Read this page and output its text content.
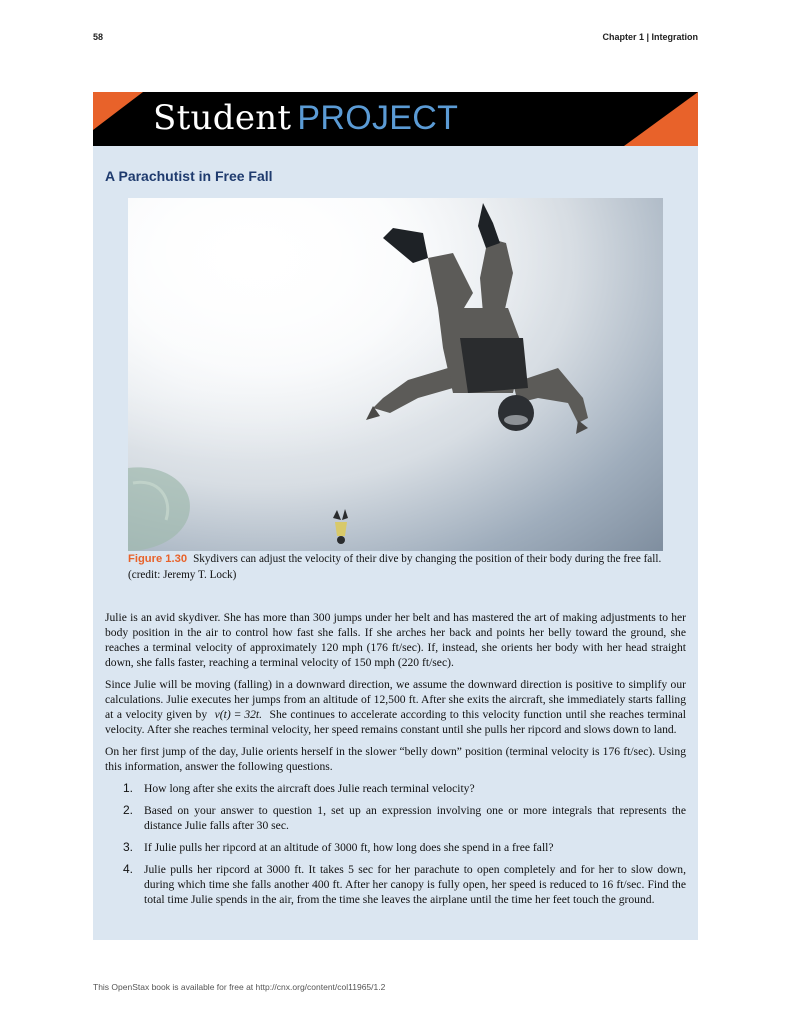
58	Chapter 1 | Integration
Student PROJECT
A Parachutist in Free Fall
Figure 1.30 Skydivers can adjust the velocity of their dive by changing the position of their body during the free fall. (credit: Jeremy T. Lock)

Julie is an avid skydiver. She has more than 300 jumps under her belt and has mastered the art of making adjustments to her body position in the air to control how fast she falls. If she arches her back and points her belly toward the ground, she reaches a terminal velocity of approximately 120 mph (176 ft/sec). If, instead, she orients her body with her head straight down, she falls faster, reaching a terminal velocity of 150 mph (220 ft/sec).

Since Julie will be moving (falling) in a downward direction, we assume the downward direction is positive to simplify our calculations. Julie executes her jumps from an altitude of 12,500 ft. After she exits the aircraft, she immediately starts falling at a velocity given by v(t) = 32t. She continues to accelerate according to this velocity function until she reaches terminal velocity. After she reaches terminal velocity, her speed remains constant until she pulls her ripcord and slows down to land.

On her first jump of the day, Julie orients herself in the slower “belly down” position (terminal velocity is 176 ft/sec). Using this information, answer the following questions.

1. How long after she exits the aircraft does Julie reach terminal velocity?
2. Based on your answer to question 1, set up an expression involving one or more integrals that represents the distance Julie falls after 30 sec.
3. If Julie pulls her ripcord at an altitude of 3000 ft, how long does she spend in a free fall?
4. Julie pulls her ripcord at 3000 ft. It takes 5 sec for her parachute to open completely and for her to slow down, during which time she falls another 400 ft. After her canopy is fully open, her speed is reduced to 16 ft/sec. Find the total time Julie spends in the air, from the time she leaves the airplane until the time her feet touch the ground.
This OpenStax book is available for free at http://cnx.org/content/col11965/1.2
